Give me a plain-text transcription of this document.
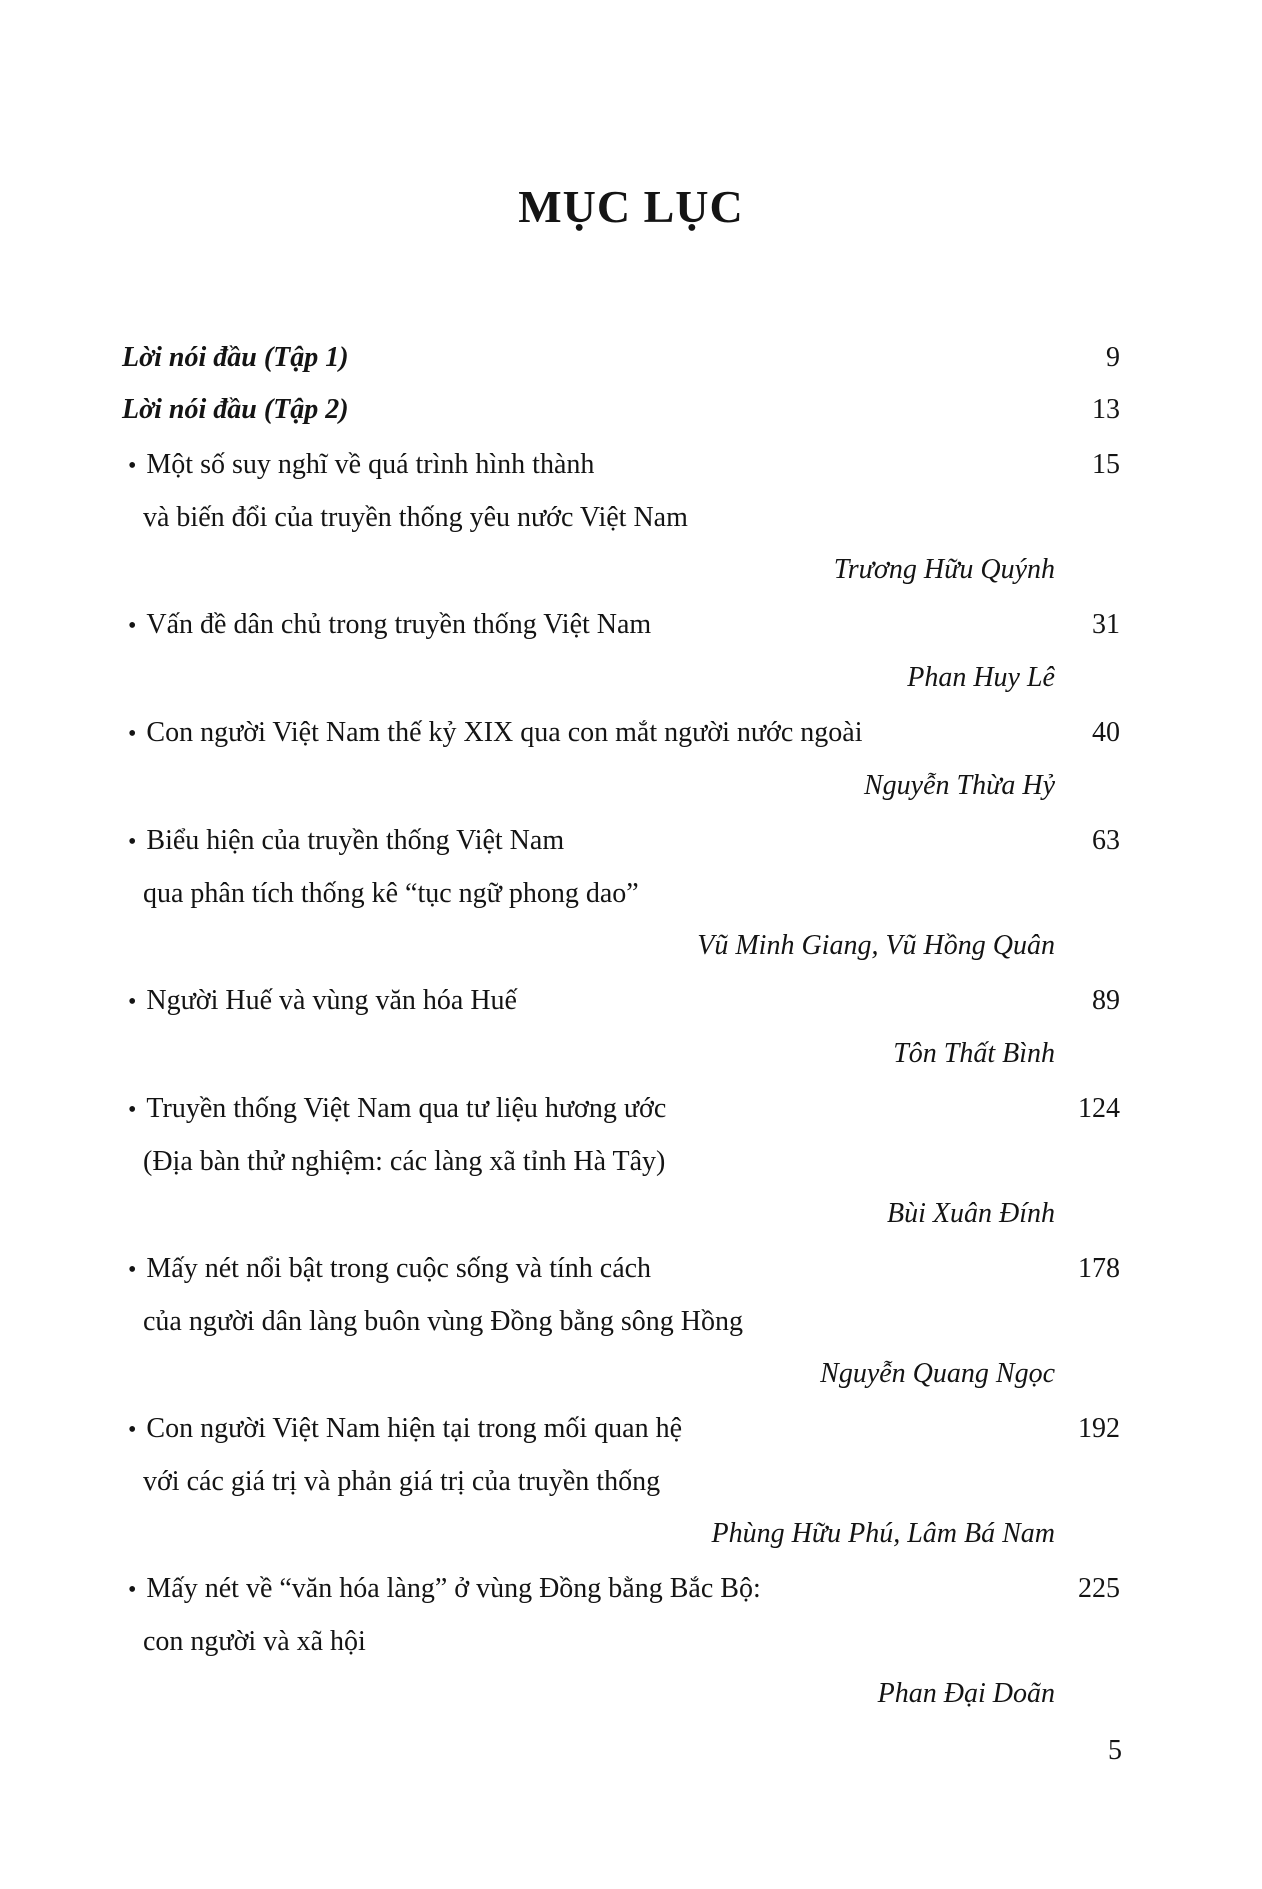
MỤC LỤC
Lời nói đầu (Tập 1)	9
Lời nói đầu (Tập 2)	13
• Một số suy nghĩ về quá trình hình thành	15
và biến đổi của truyền thống yêu nước Việt Nam
Trương Hữu Quýnh
• Vấn đề dân chủ trong truyền thống Việt Nam	31
Phan Huy Lê
• Con người Việt Nam thế kỷ XIX qua con mắt người nước ngoài	40
Nguyễn Thừa Hỷ
• Biểu hiện của truyền thống Việt Nam	63
qua phân tích thống kê “tục ngữ phong dao”
Vũ Minh Giang, Vũ Hồng Quân
• Người Huế và vùng văn hóa Huế	89
Tôn Thất Bình
• Truyền thống Việt Nam qua tư liệu hương ước	124
(Địa bàn thử nghiệm: các làng xã tỉnh Hà Tây)
Bùi Xuân Đính
• Mấy nét nổi bật trong cuộc sống và tính cách	178
của người dân làng buôn vùng Đồng bằng sông Hồng
Nguyễn Quang Ngọc
• Con người Việt Nam hiện tại trong mối quan hệ	192
với các giá trị và phản giá trị của truyền thống
Phùng Hữu Phú, Lâm Bá Nam
• Mấy nét về “văn hóa làng” ở vùng Đồng bằng Bắc Bộ:	225
con người và xã hội
Phan Đại Doãn
5
